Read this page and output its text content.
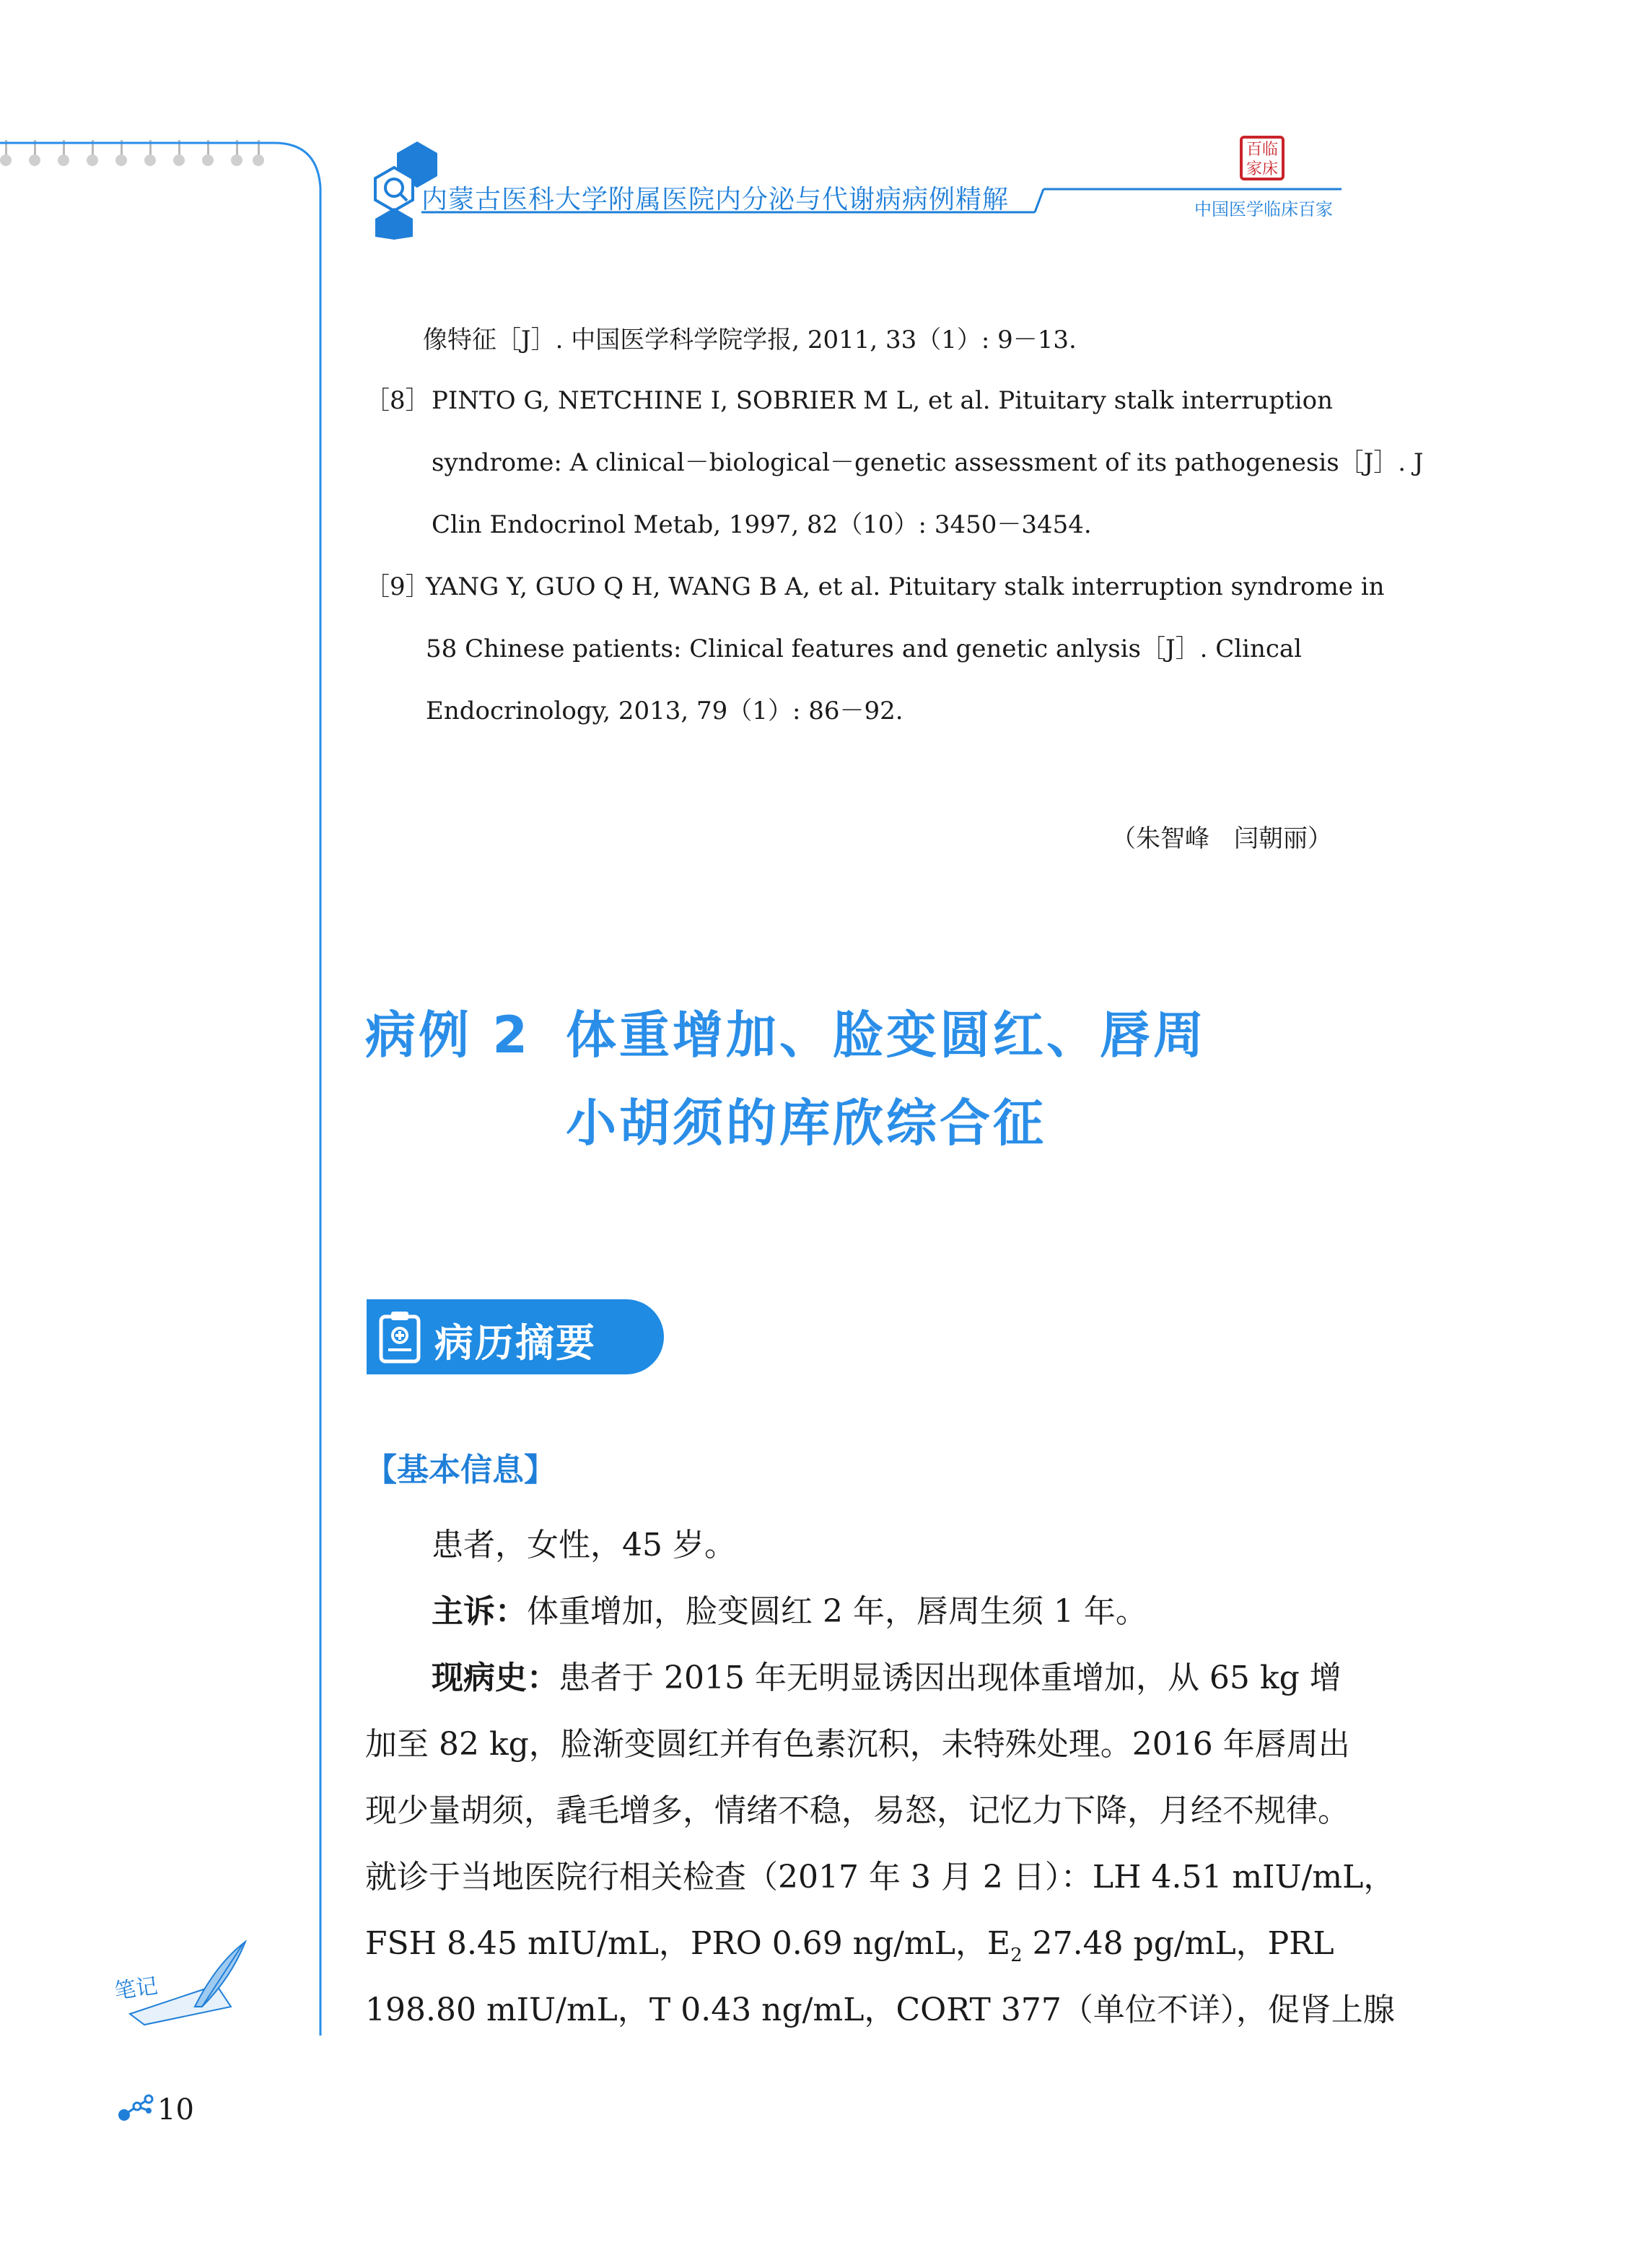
内蒙古医科大学附属医院内分泌与代谢病病例精解
百临
家床
中国医学临床百家
像特征［J］. 中国医学科学院学报, 2011, 33（1）: 9－13.
［8］ PINTO G, NETCHINE I, SOBRIER M L, et al. Pituitary stalk interruption
syndrome: A clinical－biological－genetic assessment of its pathogenesis［J］. J
Clin Endocrinol Metab, 1997, 82（10）: 3450－3454.
［9］
YANG Y, GUO Q H, WANG B A, et al. Pituitary stalk interruption syndrome in
58 Chinese patients: Clinical features and genetic anlysis［J］. Clincal
Endocrinology, 2013, 79（1）: 86－92.
（朱智峰　闫朝丽）
病例 2 体重增加、脸变圆红、唇周
小胡须的库欣综合征
病历摘要
【基本信息】
患者，女性，45 岁。
主诉：体重增加，脸变圆红 2 年，唇周生须 1 年。
现病史：患者于 2015 年无明显诱因出现体重增加，从 65 kg 增
加至 82 kg，脸渐变圆红并有色素沉积，未特殊处理。2016 年唇周出
现少量胡须，毳毛增多，情绪不稳，易怒，记忆力下降，月经不规律。
就诊于当地医院行相关检查（2017 年 3 月 2 日）：LH 4.51 mIU/mL，
FSH 8.45 mIU/mL，PRO 0.69 ng/mL，$E_2$ 27.48 pg/mL，PRL
198.80 mIU/mL，T 0.43 ng/mL，CORT 377（单位不详），促肾上腺
笔记
10
